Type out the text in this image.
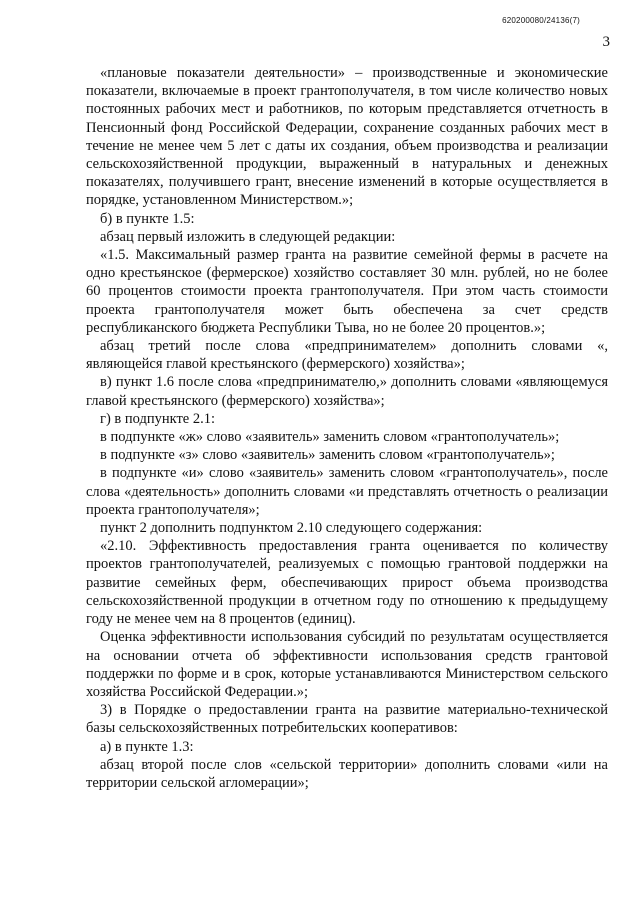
620200080/24136(7)
3

«плановые показатели деятельности» – производственные и экономические показатели, включаемые в проект грантополучателя, в том числе количество новых постоянных рабочих мест и работников, по которым представляется отчетность в Пенсионный фонд Российской Федерации, сохранение созданных рабочих мест в течение не менее чем 5 лет с даты их создания, объем производства и реализации сельскохозяйственной продукции, выраженный в натуральных и денежных показателях, получившего грант, внесение изменений в которые осуществляется в порядке, установленном Министерством.»;

б) в пункте 1.5:

абзац первый изложить в следующей редакции:

«1.5. Максимальный размер гранта на развитие семейной фермы в расчете на одно крестьянское (фермерское) хозяйство составляет 30 млн. рублей, но не более 60 процентов стоимости проекта грантополучателя. При этом часть стоимости проекта грантополучателя может быть обеспечена за счет средств республиканского бюджета Республики Тыва, но не более 20 процентов.»;

абзац третий после слова «предпринимателем» дополнить словами «, являющейся главой крестьянского (фермерского) хозяйства»;

в) пункт 1.6 после слова «предпринимателю,» дополнить словами «являющемуся главой крестьянского (фермерского) хозяйства»;

г) в подпункте 2.1:

в подпункте «ж» слово «заявитель» заменить словом «грантополучатель»;

в подпункте «з» слово «заявитель» заменить словом «грантополучатель»;

в подпункте «и» слово «заявитель» заменить словом «грантополучатель», после слова «деятельность» дополнить словами «и представлять отчетность о реализации проекта грантополучателя»;

пункт 2 дополнить подпунктом 2.10 следующего содержания:

«2.10. Эффективность предоставления гранта оценивается по количеству проектов грантополучателей, реализуемых с помощью грантовой поддержки на развитие семейных ферм, обеспечивающих прирост объема производства сельскохозяйственной продукции в отчетном году по отношению к предыдущему году не менее чем на 8 процентов (единиц).

Оценка эффективности использования субсидий по результатам осуществляется на основании отчета об эффективности использования средств грантовой поддержки по форме и в срок, которые устанавливаются Министерством сельского хозяйства Российской Федерации.»;

3) в Порядке о предоставлении гранта на развитие материально-технической базы сельскохозяйственных потребительских кооперативов:

а) в пункте 1.3:

абзац второй после слов «сельской территории» дополнить словами «или на территории сельской агломерации»;
